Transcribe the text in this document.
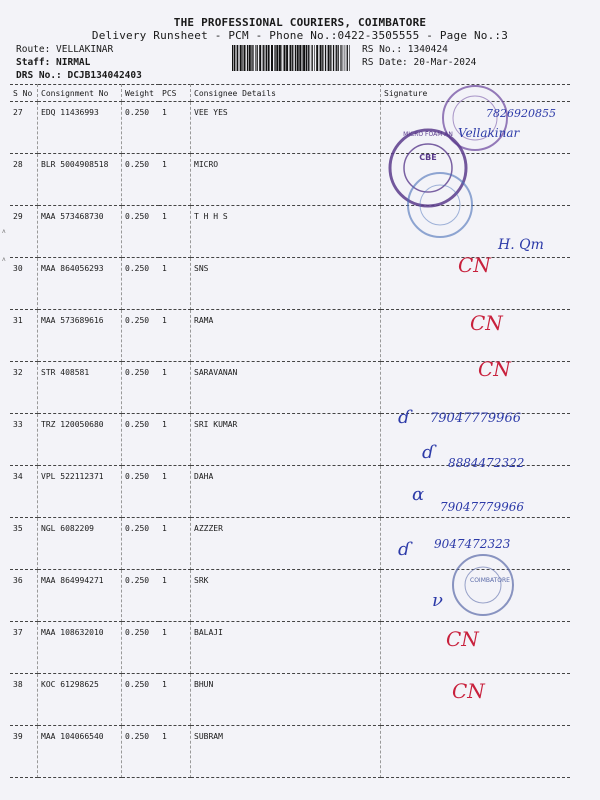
THE PROFESSIONAL COURIERS, COIMBATORE
Delivery Runsheet - PCM - Phone No.:0422-3505555 - Page No.:3
Route: VELLAKINAR
Staff: NIRMAL
DRS No.: DCJB134042403
RS No.: 1340424
RS Date: 20-Mar-2024
ʌ
ʌ
S No	Consignment No	Weight	PCS	Consignee Details	Signature
27	EDQ 11436993	0.250	1	VEE YES	
28	BLR 5004908518	0.250	1	MICRO	
29	MAA 573468730	0.250	1	T H H S	
30	MAA 864056293	0.250	1	SNS	
31	MAA 573689616	0.250	1	RAMA	
32	STR 408581	0.250	1	SARAVANAN	
33	TRZ 120050680	0.250	1	SRI KUMAR	
34	VPL 522112371	0.250	1	DAHA	
35	NGL 6082209	0.250	1	AZZZER	
36	MAA 864994271	0.250	1	SRK	
37	MAA 108632010	0.250	1	BALAJI	
38	KOC 61298625	0.250	1	BHUN	
39	MAA 104066540	0.250	1	SUBRAM	
CBE
MICRO FOAM AN
COIMBATORE
7826920855
Vellakinar
H. Qm
CN
CN
CN
ɗ 79047779966
ɗ 8884472322
ɑ
79047779966
ɗ 9047472323
ν
CN
CN
